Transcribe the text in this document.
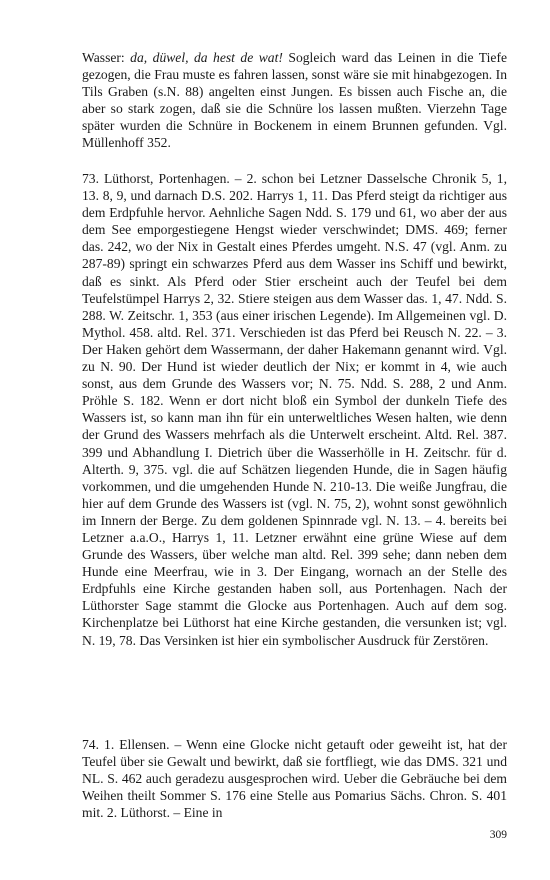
Wasser: da, düwel, da hest de wat! Sogleich ward das Leinen in die Tiefe gezogen, die Frau muste es fahren lassen, sonst wäre sie mit hinabgezogen. In Tils Graben (s.N. 88) angelten einst Jungen. Es bissen auch Fische an, die aber so stark zogen, daß sie die Schnüre los lassen mußten. Vierzehn Tage später wurden die Schnüre in Bockenem in einem Brunnen gefunden. Vgl. Müllenhoff 352.

73. Lüthorst, Portenhagen. – 2. schon bei Letzner Dasselsche Chronik 5, 1, 13. 8, 9, und darnach D.S. 202. Harrys 1, 11. Das Pferd steigt da richtiger aus dem Erdpfuhle hervor. Aehnliche Sagen Ndd. S. 179 und 61, wo aber der aus dem See emporgestiegene Hengst wieder verschwindet; DMS. 469; ferner das. 242, wo der Nix in Gestalt eines Pferdes umgeht. N.S. 47 (vgl. Anm. zu 287-89) springt ein schwarzes Pferd aus dem Wasser ins Schiff und bewirkt, daß es sinkt. Als Pferd oder Stier erscheint auch der Teufel bei dem Teufelstümpel Harrys 2, 32. Stiere steigen aus dem Wasser das. 1, 47. Ndd. S. 288. W. Zeitschr. 1, 353 (aus einer irischen Legende). Im Allgemeinen vgl. D. Mythol. 458. altd. Rel. 371. Verschieden ist das Pferd bei Reusch N. 22. – 3. Der Haken gehört dem Wassermann, der daher Hakemann genannt wird. Vgl. zu N. 90. Der Hund ist wieder deutlich der Nix; er kommt in 4, wie auch sonst, aus dem Grunde des Wassers vor; N. 75. Ndd. S. 288, 2 und Anm. Pröhle S. 182. Wenn er dort nicht bloß ein Symbol der dunkeln Tiefe des Wassers ist, so kann man ihn für ein unterweltliches Wesen halten, wie denn der Grund des Wassers mehrfach als die Unterwelt erscheint. Altd. Rel. 387. 399 und Abhandlung I. Dietrich über die Wasserhölle in H. Zeitschr. für d. Alterth. 9, 375. vgl. die auf Schätzen liegenden Hunde, die in Sagen häufig vorkommen, und die umgehenden Hunde N. 210-13. Die weiße Jungfrau, die hier auf dem Grunde des Wassers ist (vgl. N. 75, 2), wohnt sonst gewöhnlich im Innern der Berge. Zu dem goldenen Spinnrade vgl. N. 13. – 4. bereits bei Letzner a.a.O., Harrys 1, 11. Letzner erwähnt eine grüne Wiese auf dem Grunde des Wassers, über welche man altd. Rel. 399 sehe; dann neben dem Hunde eine Meerfrau, wie in 3. Der Eingang, wornach an der Stelle des Erdpfuhls eine Kirche gestanden haben soll, aus Portenhagen. Nach der Lüthorster Sage stammt die Glocke aus Portenhagen. Auch auf dem sog. Kirchenplatze bei Lüthorst hat eine Kirche gestanden, die versunken ist; vgl. N. 19, 78. Das Versinken ist hier ein symbolischer Ausdruck für Zerstören.

74. 1. Ellensen. – Wenn eine Glocke nicht getauft oder geweiht ist, hat der Teufel über sie Gewalt und bewirkt, daß sie fortfliegt, wie das DMS. 321 und NL. S. 462 auch geradezu ausgesprochen wird. Ueber die Gebräuche bei dem Weihen theilt Sommer S. 176 eine Stelle aus Pomarius Sächs. Chron. S. 401 mit. 2. Lüthorst. – Eine in

309
